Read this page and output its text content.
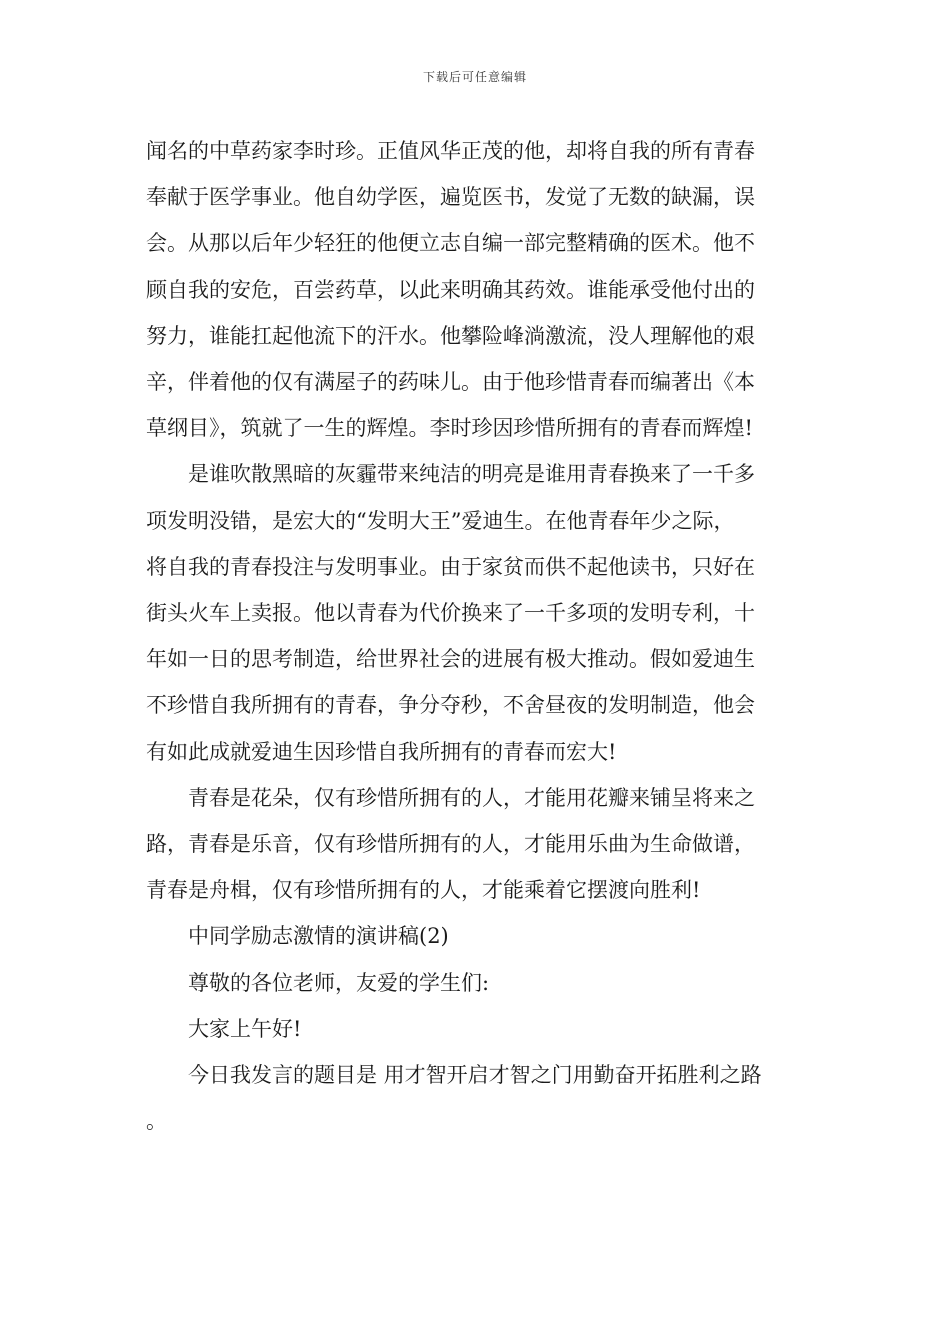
下载后可任意编辑
闻名的中草药家李时珍。正值风华正茂的他，却将自我的所有青春
奉献于医学事业。他自幼学医，遍览医书，发觉了无数的缺漏，误
会。从那以后年少轻狂的他便立志自编一部完整精确的医术。他不
顾自我的安危，百尝药草，以此来明确其药效。谁能承受他付出的
努力，谁能扛起他流下的汗水。他攀险峰淌激流，没人理解他的艰
辛，伴着他的仅有满屋子的药味儿。由于他珍惜青春而编著出《本
草纲目》，筑就了一生的辉煌。李时珍因珍惜所拥有的青春而辉煌!
是谁吹散黑暗的灰霾带来纯洁的明亮是谁用青春换来了一千多
项发明没错，是宏大的“发明大王”爱迪生。在他青春年少之际，
将自我的青春投注与发明事业。由于家贫而供不起他读书，只好在
街头火车上卖报。他以青春为代价换来了一千多项的发明专利，十
年如一日的思考制造，给世界社会的进展有极大推动。假如爱迪生
不珍惜自我所拥有的青春，争分夺秒，不舍昼夜的发明制造，他会
有如此成就爱迪生因珍惜自我所拥有的青春而宏大!
青春是花朵，仅有珍惜所拥有的人，才能用花瓣来铺呈将来之
路，青春是乐音，仅有珍惜所拥有的人，才能用乐曲为生命做谱，
青春是舟楫，仅有珍惜所拥有的人，才能乘着它摆渡向胜利!

中同学励志激情的演讲稿(2)

尊敬的各位老师，友爱的学生们:

大家上午好!

今日我发言的题目是 用才智开启才智之门用勤奋开拓胜利之路

。
